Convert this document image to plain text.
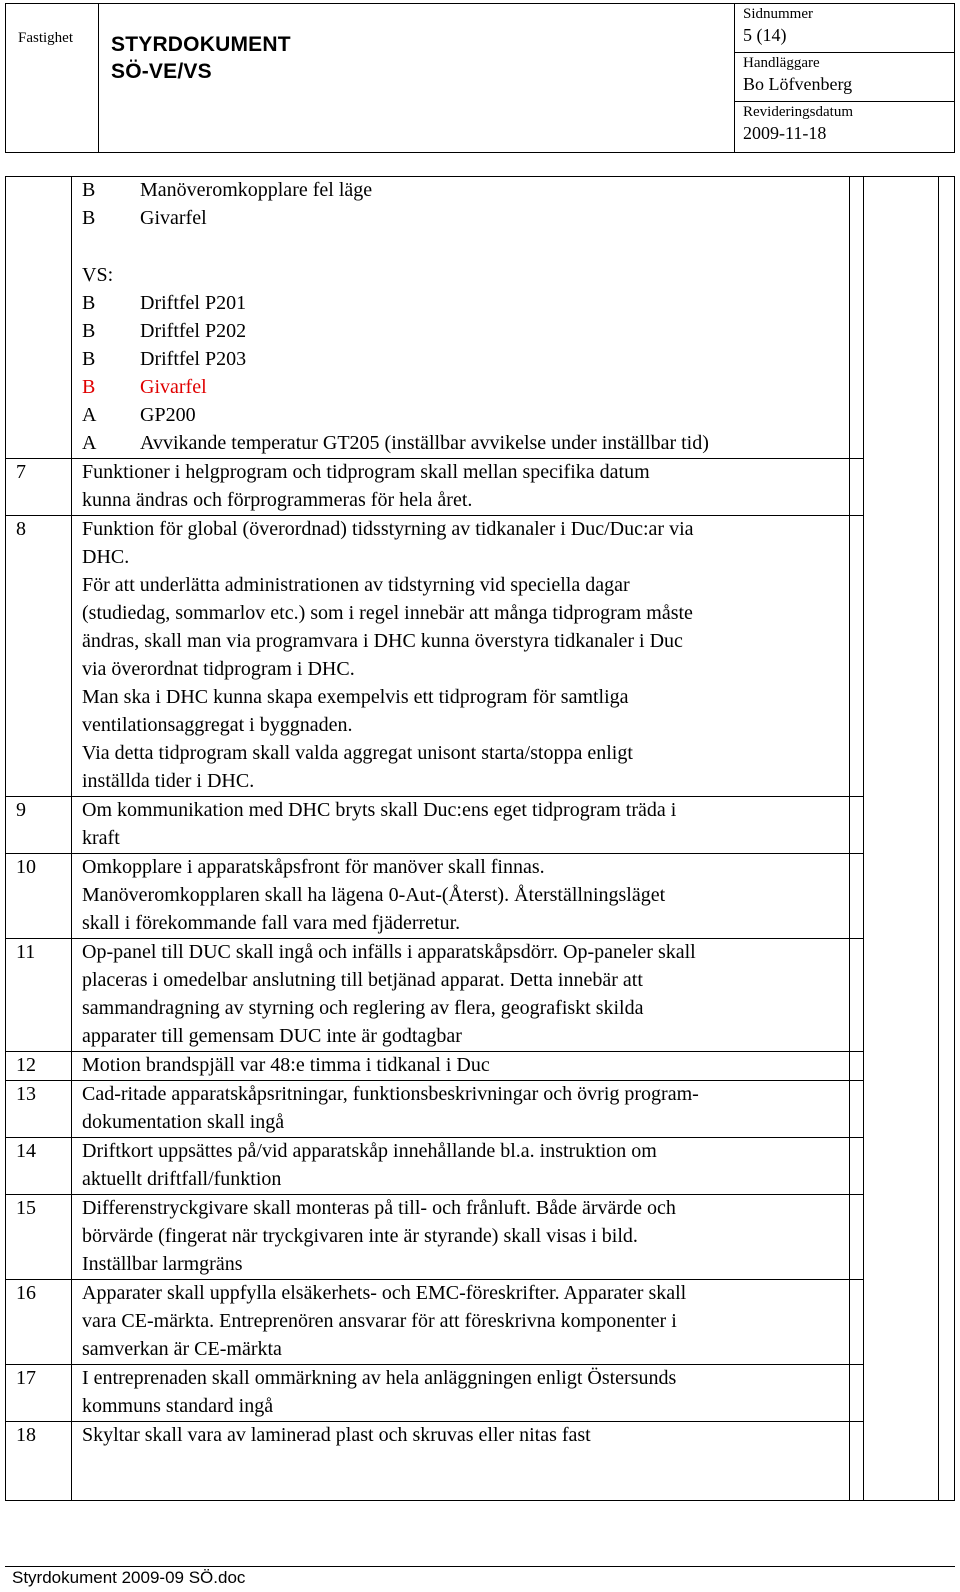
Fastighet STYRDOKUMENT
SÖ-VE/VS
Sidnummer
5 (14)
Handläggare
Bo Löfvenberg
Revideringsdatum
2009-11-18
B Manöveromkopplare fel läge
B Givarfel
VS:
B Driftfel P201
B Driftfel P202
B Driftfel P203
B Givarfel
A GP200
A Avvikande temperatur GT205 (inställbar avvikelse under inställbar tid)
7	Funktioner i helgprogram och tidprogram skall mellan specifika datum
kunna ändras och förprogrammeras för hela året.
8	Funktion för global (överordnad) tidsstyrning av tidkanaler i Duc/Duc:ar via
DHC.
För att underlätta administrationen av tidstyrning vid speciella dagar
(studiedag, sommarlov etc.) som i regel innebär att många tidprogram måste
ändras, skall man via programvara i DHC kunna överstyra tidkanaler i Duc
via överordnat tidprogram i DHC.
Man ska i DHC kunna skapa exempelvis ett tidprogram för samtliga
ventilationsaggregat i byggnaden.
Via detta tidprogram skall valda aggregat unisont starta/stoppa enligt
inställda tider i DHC.
9	Om kommunikation med DHC bryts skall Duc:ens eget tidprogram träda i
kraft
10 Omkopplare i apparatskåpsfront för manöver skall finnas.
Manöveromkopplaren skall ha lägena 0-Aut-(Återst). Återställningsläget
skall i förekommande fall vara med fjäderretur.
11 Op-panel till DUC skall ingå och infälls i apparatskåpsdörr. Op-paneler skall
placeras i omedelbar anslutning till betjänad apparat. Detta innebär att
sammandragning av styrning och reglering av flera, geografiskt skilda
apparater till gemensam DUC inte är godtagbar
12 Motion brandspjäll var 48:e timma i tidkanal i Duc
13 Cad-ritade apparatskåpsritningar, funktionsbeskrivningar och övrig program-
dokumentation skall ingå
14 Driftkort uppsättes på/vid apparatskåp innehållande bl.a. instruktion om
aktuellt driftfall/funktion
15 Differenstryckgivare skall monteras på till- och frånluft. Både ärvärde och
börvärde (fingerat när tryckgivaren inte är styrande) skall visas i bild.
Inställbar larmgräns
16 Apparater skall uppfylla elsäkerhets- och EMC-föreskrifter. Apparater skall
vara CE-märkta. Entreprenören ansvarar för att föreskrivna komponenter i
samverkan är CE-märkta
17 I entreprenaden skall ommärkning av hela anläggningen enligt Östersunds
kommuns standard ingå
18 Skyltar skall vara av laminerad plast och skruvas eller nitas fast
Styrdokument 2009-09 SÖ.doc
